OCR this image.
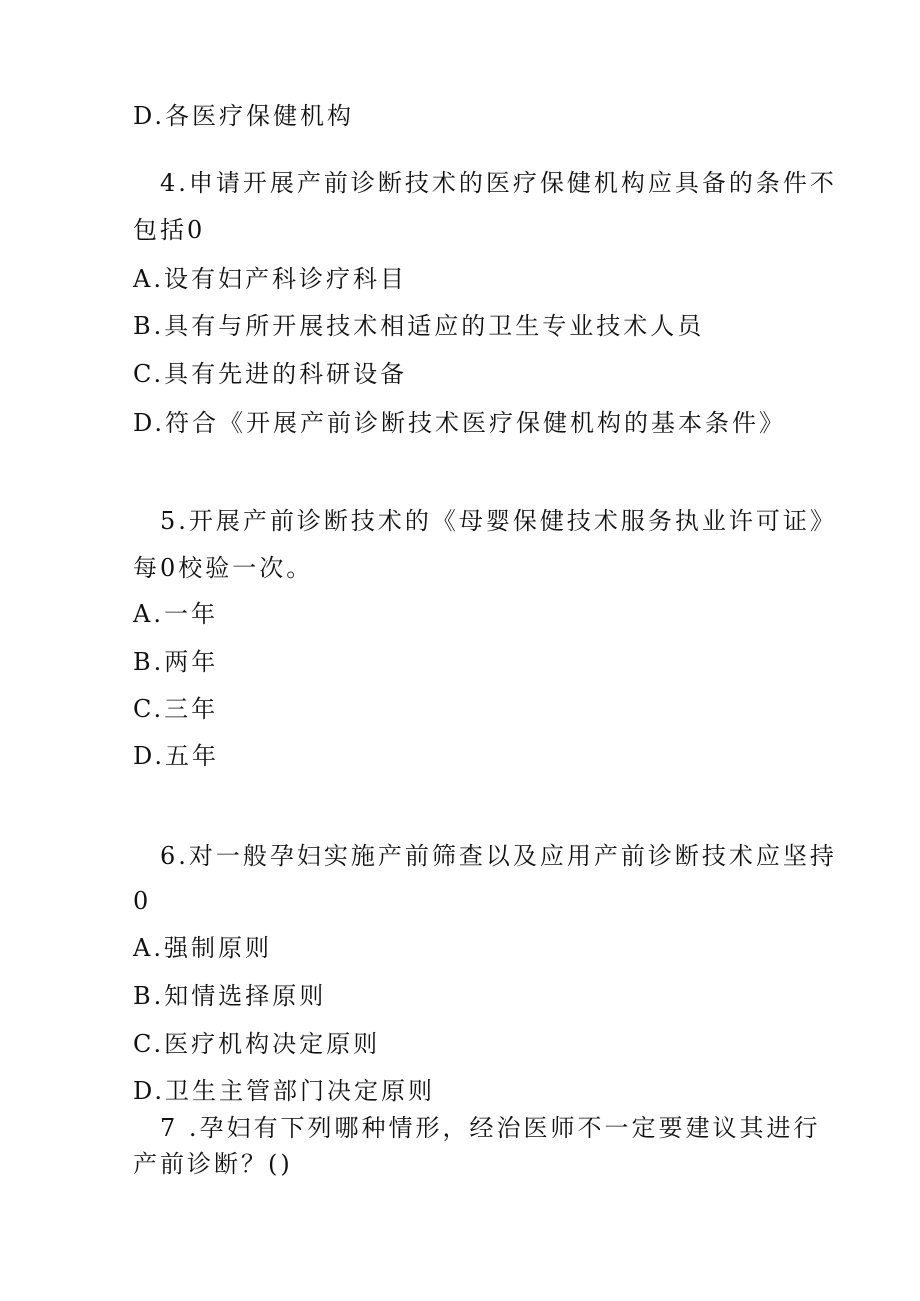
D.各医疗保健机构
4.申请开展产前诊断技术的医疗保健机构应具备的条件不
包括0
A.设有妇产科诊疗科目
B.具有与所开展技术相适应的卫生专业技术人员
C.具有先进的科研设备
D.符合《开展产前诊断技术医疗保健机构的基本条件》
5.开展产前诊断技术的《母婴保健技术服务执业许可证》
每0校验一次。
A.一年
B.两年
C.三年
D.五年
6.对一般孕妇实施产前筛查以及应用产前诊断技术应坚持
0
A.强制原则
B.知情选择原则
C.医疗机构决定原则
D.卫生主管部门决定原则
7 .孕妇有下列哪种情形，经治医师不一定要建议其进行
产前诊断？()
